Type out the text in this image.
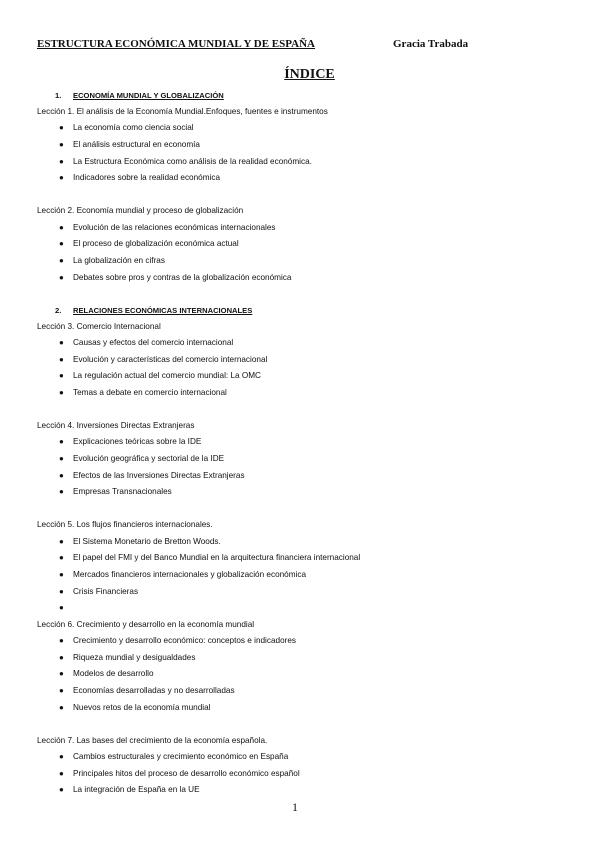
ESTRUCTURA ECONÓMICA MUNDIAL Y DE ESPAÑA	Gracia Trabada
ÍNDICE
1. ECONOMÍA MUNDIAL Y GLOBALIZACIÓN
Lección 1. El análisis de la Economía Mundial.Enfoques, fuentes e instrumentos
● La economía como ciencia social
● El análisis estructural en economía
● La Estructura Económica como análisis de la realidad económica.
● Indicadores sobre la realidad económica
Lección 2. Economía mundial y proceso de globalización
● Evolución de las relaciones económicas internacionales
● El proceso de globalización económica actual
● La globalización en cifras
● Debates sobre pros y contras de la globalización económica
2. RELACIONES ECONÓMICAS INTERNACIONALES
Lección 3. Comercio Internacional
● Causas y efectos del comercio internacional
● Evolución y características del comercio internacional
● La regulación actual del comercio mundial: La OMC
● Temas a debate en comercio internacional
Lección 4. Inversiones Directas Extranjeras
● Explicaciones teóricas sobre la IDE
● Evolución geográfica y sectorial de la IDE
● Efectos de las Inversiones Directas Extranjeras
● Empresas Transnacionales
Lección 5. Los flujos financieros internacionales.
● El Sistema Monetario de Bretton Woods.
● El papel del FMI y del Banco Mundial en la arquitectura financiera internacional
● Mercados financieros internacionales y globalización económica
● Crisis Financieras
●
Lección 6. Crecimiento y desarrollo en la economía mundial
● Crecimiento y desarrollo económico: conceptos e indicadores
● Riqueza mundial y desigualdades
● Modelos de desarrollo
● Economías desarrolladas y no desarrolladas
● Nuevos retos de la economía mundial
Lección 7. Las bases del crecimiento de la economía española.
● Cambios estructurales y crecimiento económico en España
● Principales hitos del proceso de desarrollo económico español
● La integración de España en la UE
1
